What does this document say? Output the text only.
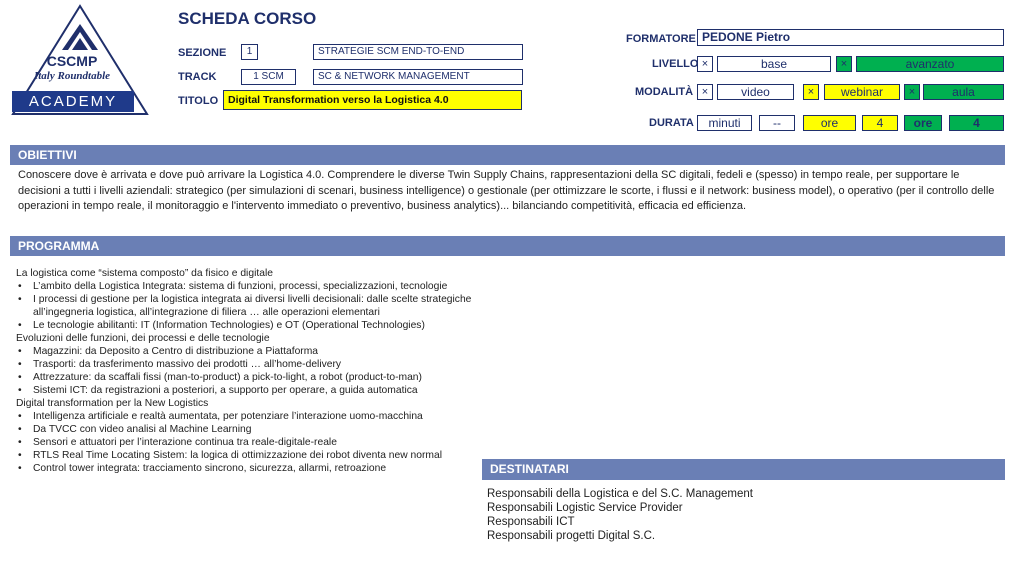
CSCMP
Italy Roundtable
ACADEMY
SCHEDA CORSO
SEZIONE	1	STRATEGIE SCM END-TO-END
TRACK	1 SCM	SC & NETWORK MANAGEMENT
TITOLO Digital Transformation verso la Logistica 4.0
FORMATORE PEDONE Pietro
LIVELLO ×	base	×	avanzato
MODALITÀ ×	video	×	webinar	×	aula
DURATA	minuti	--	ore	4	ore	4
OBIETTIVI
Conoscere dove è arrivata e dove può arrivare la Logistica 4.0. Comprendere le diverse Twin Supply Chains, rappresentazioni della SC digitali, fedeli e (spesso) in tempo reale, per supportare le decisioni a tutti i livelli aziendali: strategico (per simulazioni di scenari, business intelligence) o gestionale (per ottimizzare le scorte, i flussi e il network: business model), o operativo (per il controllo delle operazioni in tempo reale, il monitoraggio e l'intervento immediato o preventivo, business analytics)... bilanciando competitività, efficacia ed efficienza.
PROGRAMMA
La logistica come “sistema composto” da fisico e digitale
• L’ambito della Logistica Integrata: sistema di funzioni, processi, specializzazioni, tecnologie
• I processi di gestione per la logistica integrata ai diversi livelli decisionali: dalle scelte strategiche all’ingegneria logistica, all’integrazione di filiera … alle operazioni elementari
• Le tecnologie abilitanti: IT (Information Technologies) e OT (Operational Technologies)
Evoluzioni delle funzioni, dei processi e delle tecnologie
• Magazzini: da Deposito a Centro di distribuzione a Piattaforma
• Trasporti: da trasferimento massivo dei prodotti … all’home-delivery
• Attrezzature: da scaffali fissi (man-to-product) a pick-to-light, a robot (product-to-man)
• Sistemi ICT: da registrazioni a posteriori, a supporto per operare, a guida automatica
Digital transformation per la New Logistics
• Intelligenza artificiale e realtà aumentata, per potenziare l’interazione uomo-macchina
• Da TVCC con video analisi al Machine Learning
• Sensori e attuatori per l’interazione continua tra reale-digitale-reale
• RTLS Real Time Locating Sistem: la logica di ottimizzazione dei robot diventa new normal
• Control tower integrata: tracciamento sincrono, sicurezza, allarmi, retroazione	DESTINATARI
Responsabili della Logistica e del S.C. Management
Responsabili Logistic Service Provider
Responsabili ICT
Responsabili progetti Digital S.C.
